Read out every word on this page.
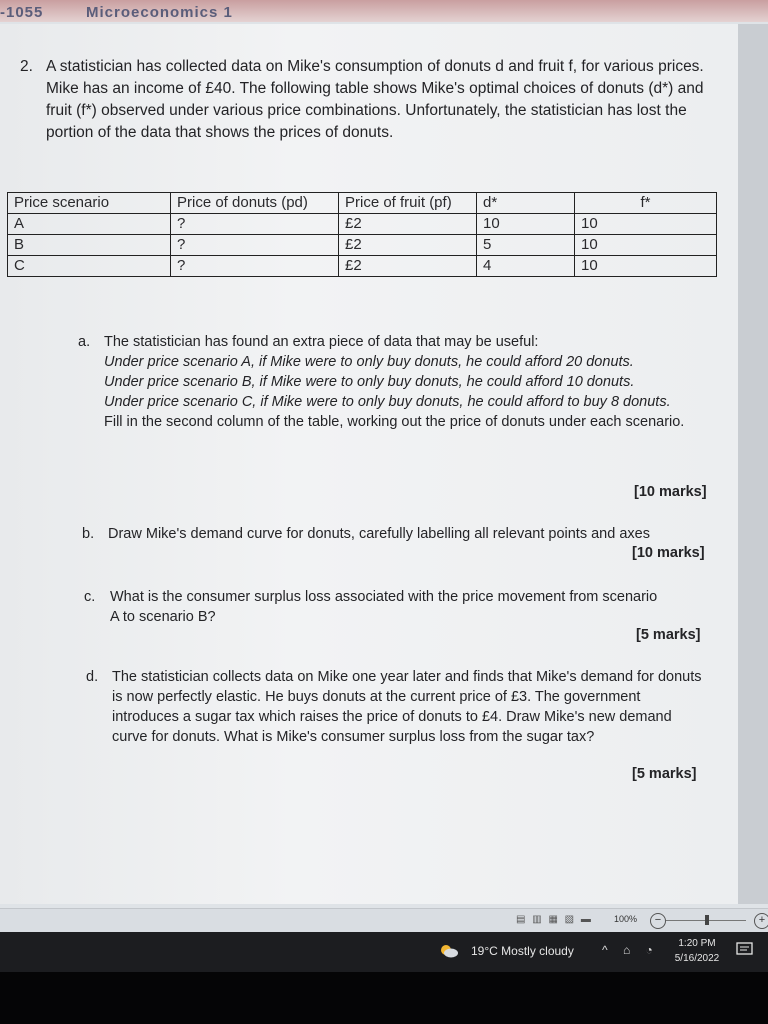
-1055	Microeconomics 1
2. A statistician has collected data on Mike's consumption of donuts d and fruit f, for various prices. Mike has an income of £40. The following table shows Mike's optimal choices of donuts (d*) and fruit (f*) observed under various price combinations. Unfortunately, the statistician has lost the portion of the data that shows the prices of donuts.
Price scenario	Price of donuts (pd)	Price of fruit (pf)	d*	f*
A	?	£2	10	10
B	?	£2	5	10
C	?	£2	4	10
a. The statistician has found an extra piece of data that may be useful:
Under price scenario A, if Mike were to only buy donuts, he could afford 20 donuts.
Under price scenario B, if Mike were to only buy donuts, he could afford 10 donuts.
Under price scenario C, if Mike were to only buy donuts, he could afford to buy 8 donuts.
Fill in the second column of the table, working out the price of donuts under each scenario.
[10 marks]
b. Draw Mike's demand curve for donuts, carefully labelling all relevant points and axes
[10 marks]
c. What is the consumer surplus loss associated with the price movement from scenario A to scenario B?
[5 marks]
d. The statistician collects data on Mike one year later and finds that Mike's demand for donuts is now perfectly elastic. He buys donuts at the current price of £3. The government introduces a sugar tax which raises the price of donuts to £4. Draw Mike's new demand curve for donuts. What is Mike's consumer surplus loss from the sugar tax?
[5 marks]
▤ ▥ ▦ ▧ ▬	100%	−	+
19°C Mostly cloudy ^ ⌂ ◔	1:20 PM
5/16/2022
